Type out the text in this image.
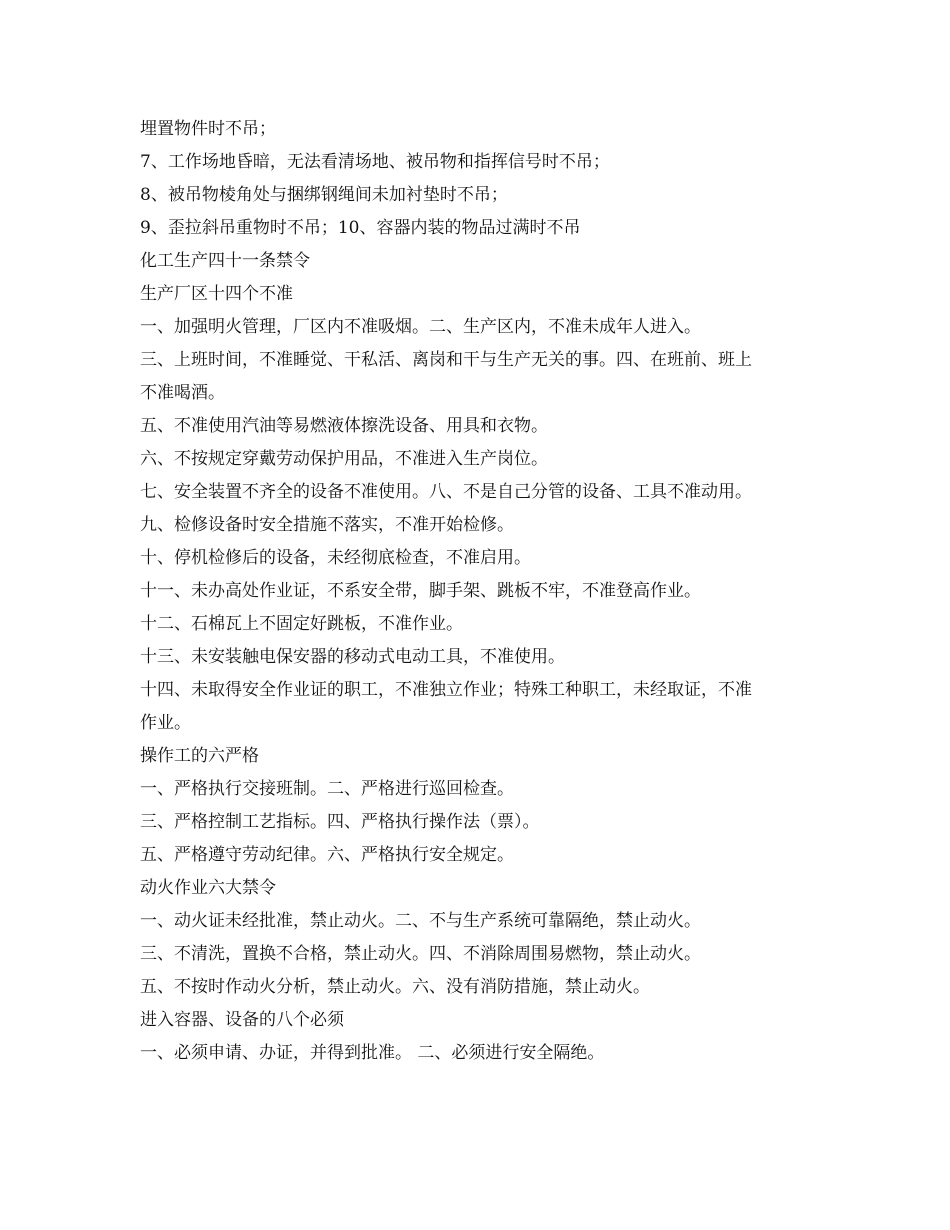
埋置物件时不吊；
7、工作场地昏暗，无法看清场地、被吊物和指挥信号时不吊；
8、被吊物棱角处与捆绑钢绳间未加衬垫时不吊；
9、歪拉斜吊重物时不吊；10、容器内装的物品过满时不吊
化工生产四十一条禁令
生产厂区十四个不准
一、加强明火管理，厂区内不准吸烟。二、生产区内，不准未成年人进入。
三、上班时间，不准睡觉、干私活、离岗和干与生产无关的事。四、在班前、班上
不准喝酒。
五、不准使用汽油等易燃液体擦洗设备、用具和衣物。
六、不按规定穿戴劳动保护用品，不准进入生产岗位。
七、安全装置不齐全的设备不准使用。八、不是自己分管的设备、工具不准动用。
九、检修设备时安全措施不落实，不准开始检修。
十、停机检修后的设备，未经彻底检查，不准启用。
十一、未办高处作业证，不系安全带，脚手架、跳板不牢，不准登高作业。
十二、石棉瓦上不固定好跳板，不准作业。
十三、未安装触电保安器的移动式电动工具，不准使用。
十四、未取得安全作业证的职工，不准独立作业；特殊工种职工，未经取证，不准
作业。
操作工的六严格
一、严格执行交接班制。二、严格进行巡回检查。
三、严格控制工艺指标。四、严格执行操作法（票）。
五、严格遵守劳动纪律。六、严格执行安全规定。
动火作业六大禁令
一、动火证未经批准，禁止动火。二、不与生产系统可靠隔绝，禁止动火。
三、不清洗，置换不合格，禁止动火。四、不消除周围易燃物，禁止动火。
五、不按时作动火分析，禁止动火。六、没有消防措施，禁止动火。
进入容器、设备的八个必须
一、必须申请、办证，并得到批准。 二、必须进行安全隔绝。
